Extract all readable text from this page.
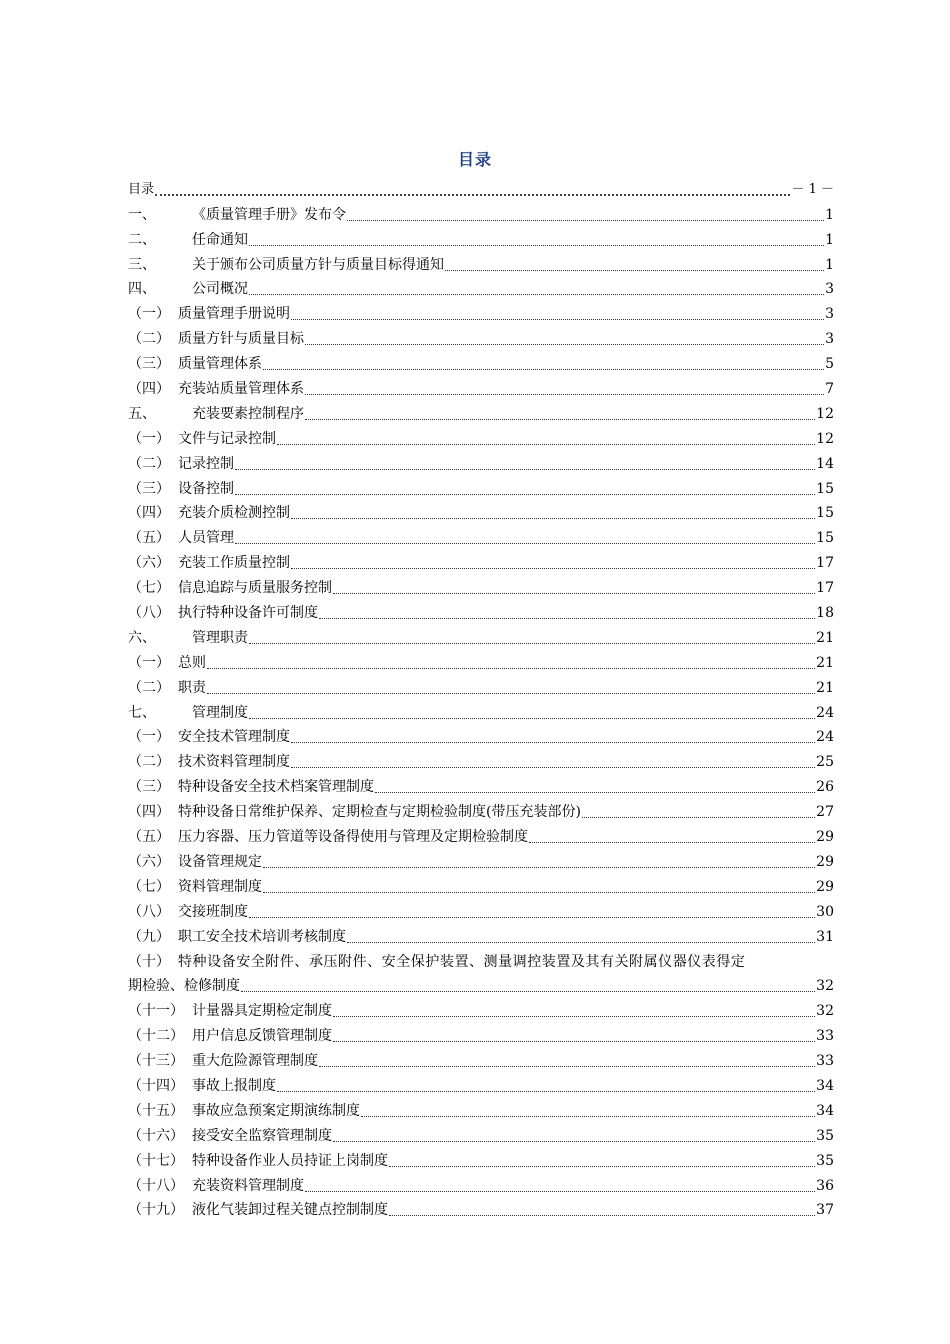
目录
目录	－ 1 －
一、	《质量管理手册》发布令	1
二、	任命通知	1
三、	关于颁布公司质量方针与质量目标得通知	1
四、	公司概况	3
（一） 质量管理手册说明	3
（二） 质量方针与质量目标	3
（三） 质量管理体系	5
（四） 充装站质量管理体系	7
五、	充装要素控制程序	12
（一） 文件与记录控制	12
（二） 记录控制	14
（三） 设备控制	15
（四） 充装介质检测控制	15
（五） 人员管理	15
（六） 充装工作质量控制	17
（七） 信息追踪与质量服务控制	17
（八） 执行特种设备许可制度	18
六、	管理职责	21
（一） 总则	21
（二） 职责	21
七、	管理制度	24
（一） 安全技术管理制度	24
（二） 技术资料管理制度	25
（三） 特种设备安全技术档案管理制度	26
（四） 特种设备日常维护保养、定期检查与定期检验制度(带压充装部份)	27
（五） 压力容器、压力管道等设备得使用与管理及定期检验制度	29
（六） 设备管理规定	29
（七） 资料管理制度	29
（八） 交接班制度	30
（九） 职工安全技术培训考核制度	31
（十） 特种设备安全附件、承压附件、安全保护装置、测量调控装置及其有关附属仪器仪表得定
期检验、检修制度	32
（十一） 计量器具定期检定制度	32
（十二） 用户信息反馈管理制度	33
（十三） 重大危险源管理制度	33
（十四） 事故上报制度	34
（十五） 事故应急预案定期演练制度	34
（十六） 接受安全监察管理制度	35
（十七） 特种设备作业人员持证上岗制度	35
（十八） 充装资料管理制度	36
（十九） 液化气装卸过程关键点控制制度	37
